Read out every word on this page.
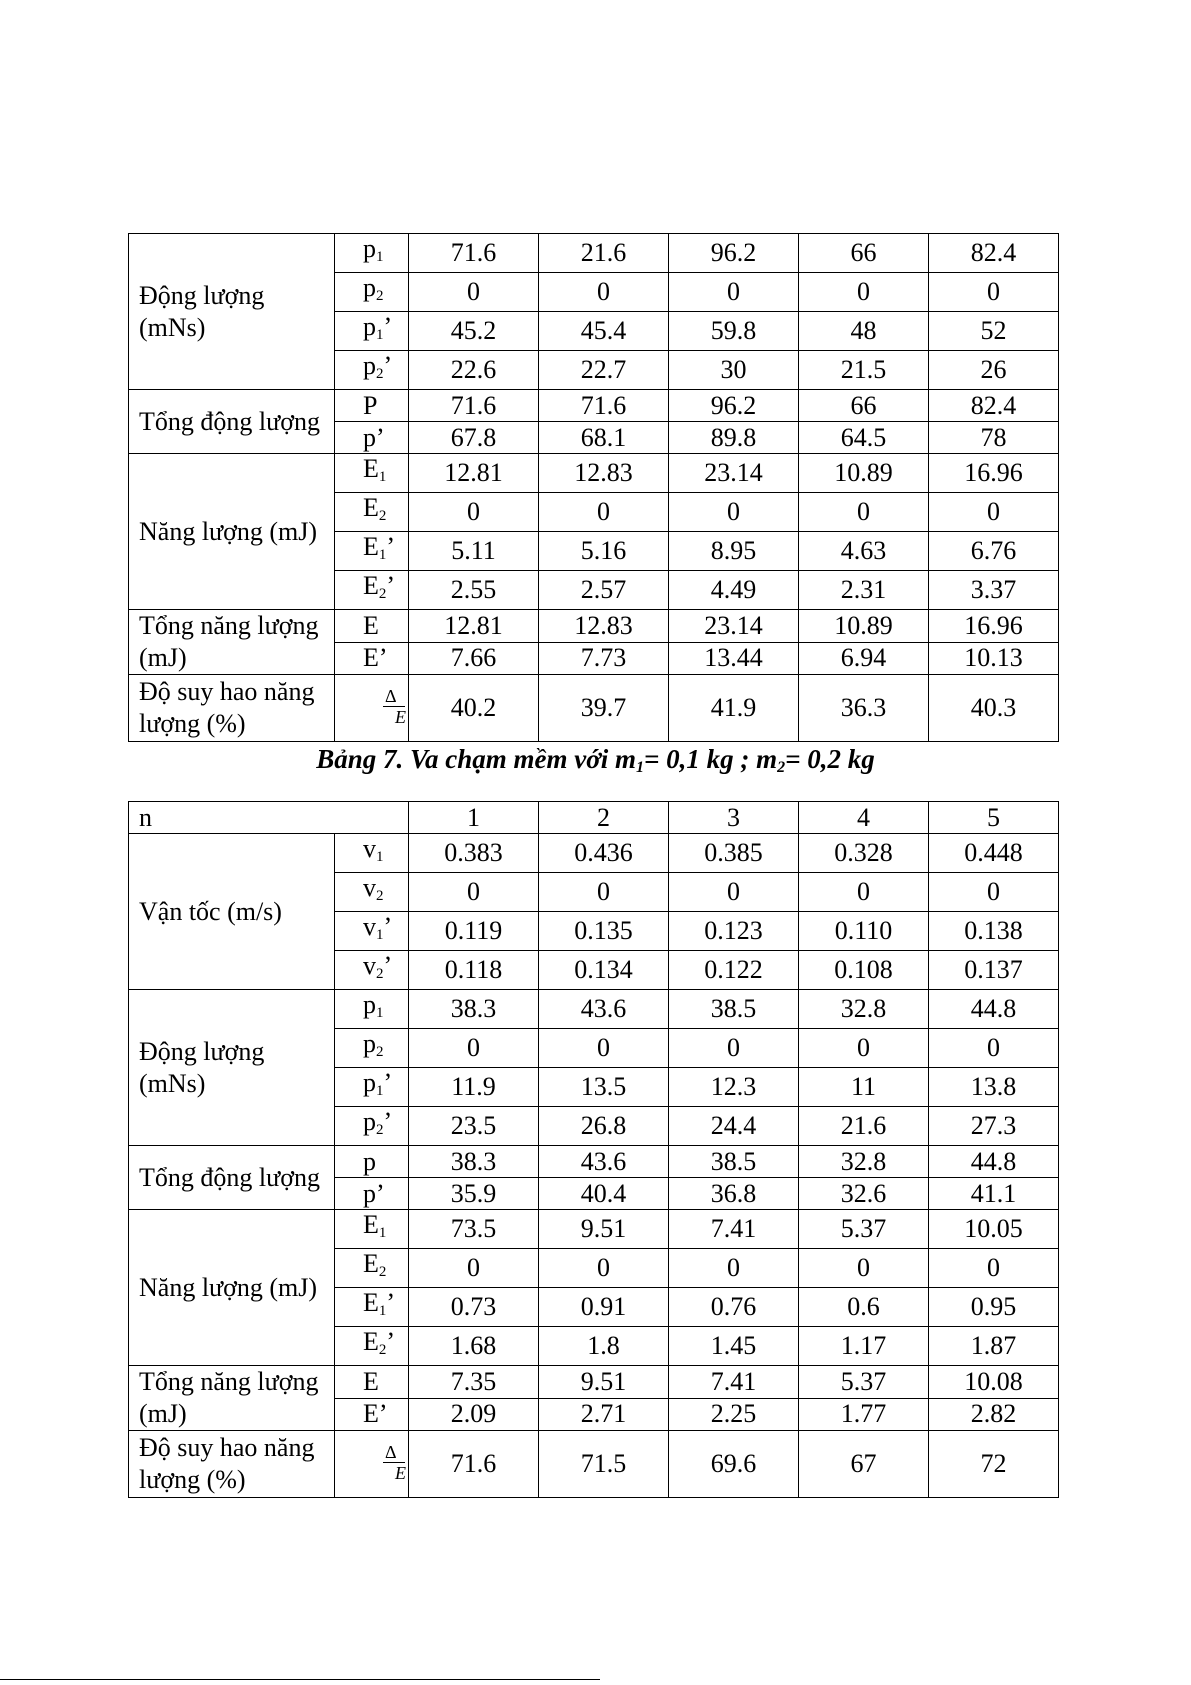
Động lượng (mNs)	$p_1$	71.6	21.6	96.2	66	82.4
	$p_2$	0	0	0	0	0
	$p_1$’	45.2	45.4	59.8	48	52
	$p_2$’	22.6	22.7	30	21.5	26
Tổng động lượng	P	71.6	71.6	96.2	66	82.4
	p’	67.8	68.1	89.8	64.5	78
Năng lượng (mJ)	$E_1$	12.81	12.83	23.14	10.89	16.96
	$E_2$	0	0	0	0	0
	$E_1$’	5.11	5.16	8.95	4.63	6.76
	$E_2$’	2.55	2.57	4.49	2.31	3.37
Tổng năng lượng (mJ)	E	12.81	12.83	23.14	10.89	16.96
	E’	7.66	7.73	13.44	6.94	10.13
Độ suy hao năng lượng (%)	$\frac{\Delta}{E}$	40.2	39.7	41.9	36.3	40.3
Bảng 7. Va chạm mềm với m1= 0,1 kg ; m2= 0,2 kg
n		1	2	3	4	5
Vận tốc (m/s)	$v_1$	0.383	0.436	0.385	0.328	0.448
	$v_2$	0	0	0	0	0
	$v_1$’	0.119	0.135	0.123	0.110	0.138
	$v_2$’	0.118	0.134	0.122	0.108	0.137
Động lượng (mNs)	$p_1$	38.3	43.6	38.5	32.8	44.8
	$p_2$	0	0	0	0	0
	$p_1$’	11.9	13.5	12.3	11	13.8
	$p_2$’	23.5	26.8	24.4	21.6	27.3
Tổng động lượng	p	38.3	43.6	38.5	32.8	44.8
	p’	35.9	40.4	36.8	32.6	41.1
Năng lượng (mJ)	$E_1$	73.5	9.51	7.41	5.37	10.05
	$E_2$	0	0	0	0	0
	$E_1$’	0.73	0.91	0.76	0.6	0.95
	$E_2$’	1.68	1.8	1.45	1.17	1.87
Tổng năng lượng (mJ)	E	7.35	9.51	7.41	5.37	10.08
	E’	2.09	2.71	2.25	1.77	2.82
Độ suy hao năng lượng (%)	$\frac{\Delta}{E}$	71.6	71.5	69.6	67	72
